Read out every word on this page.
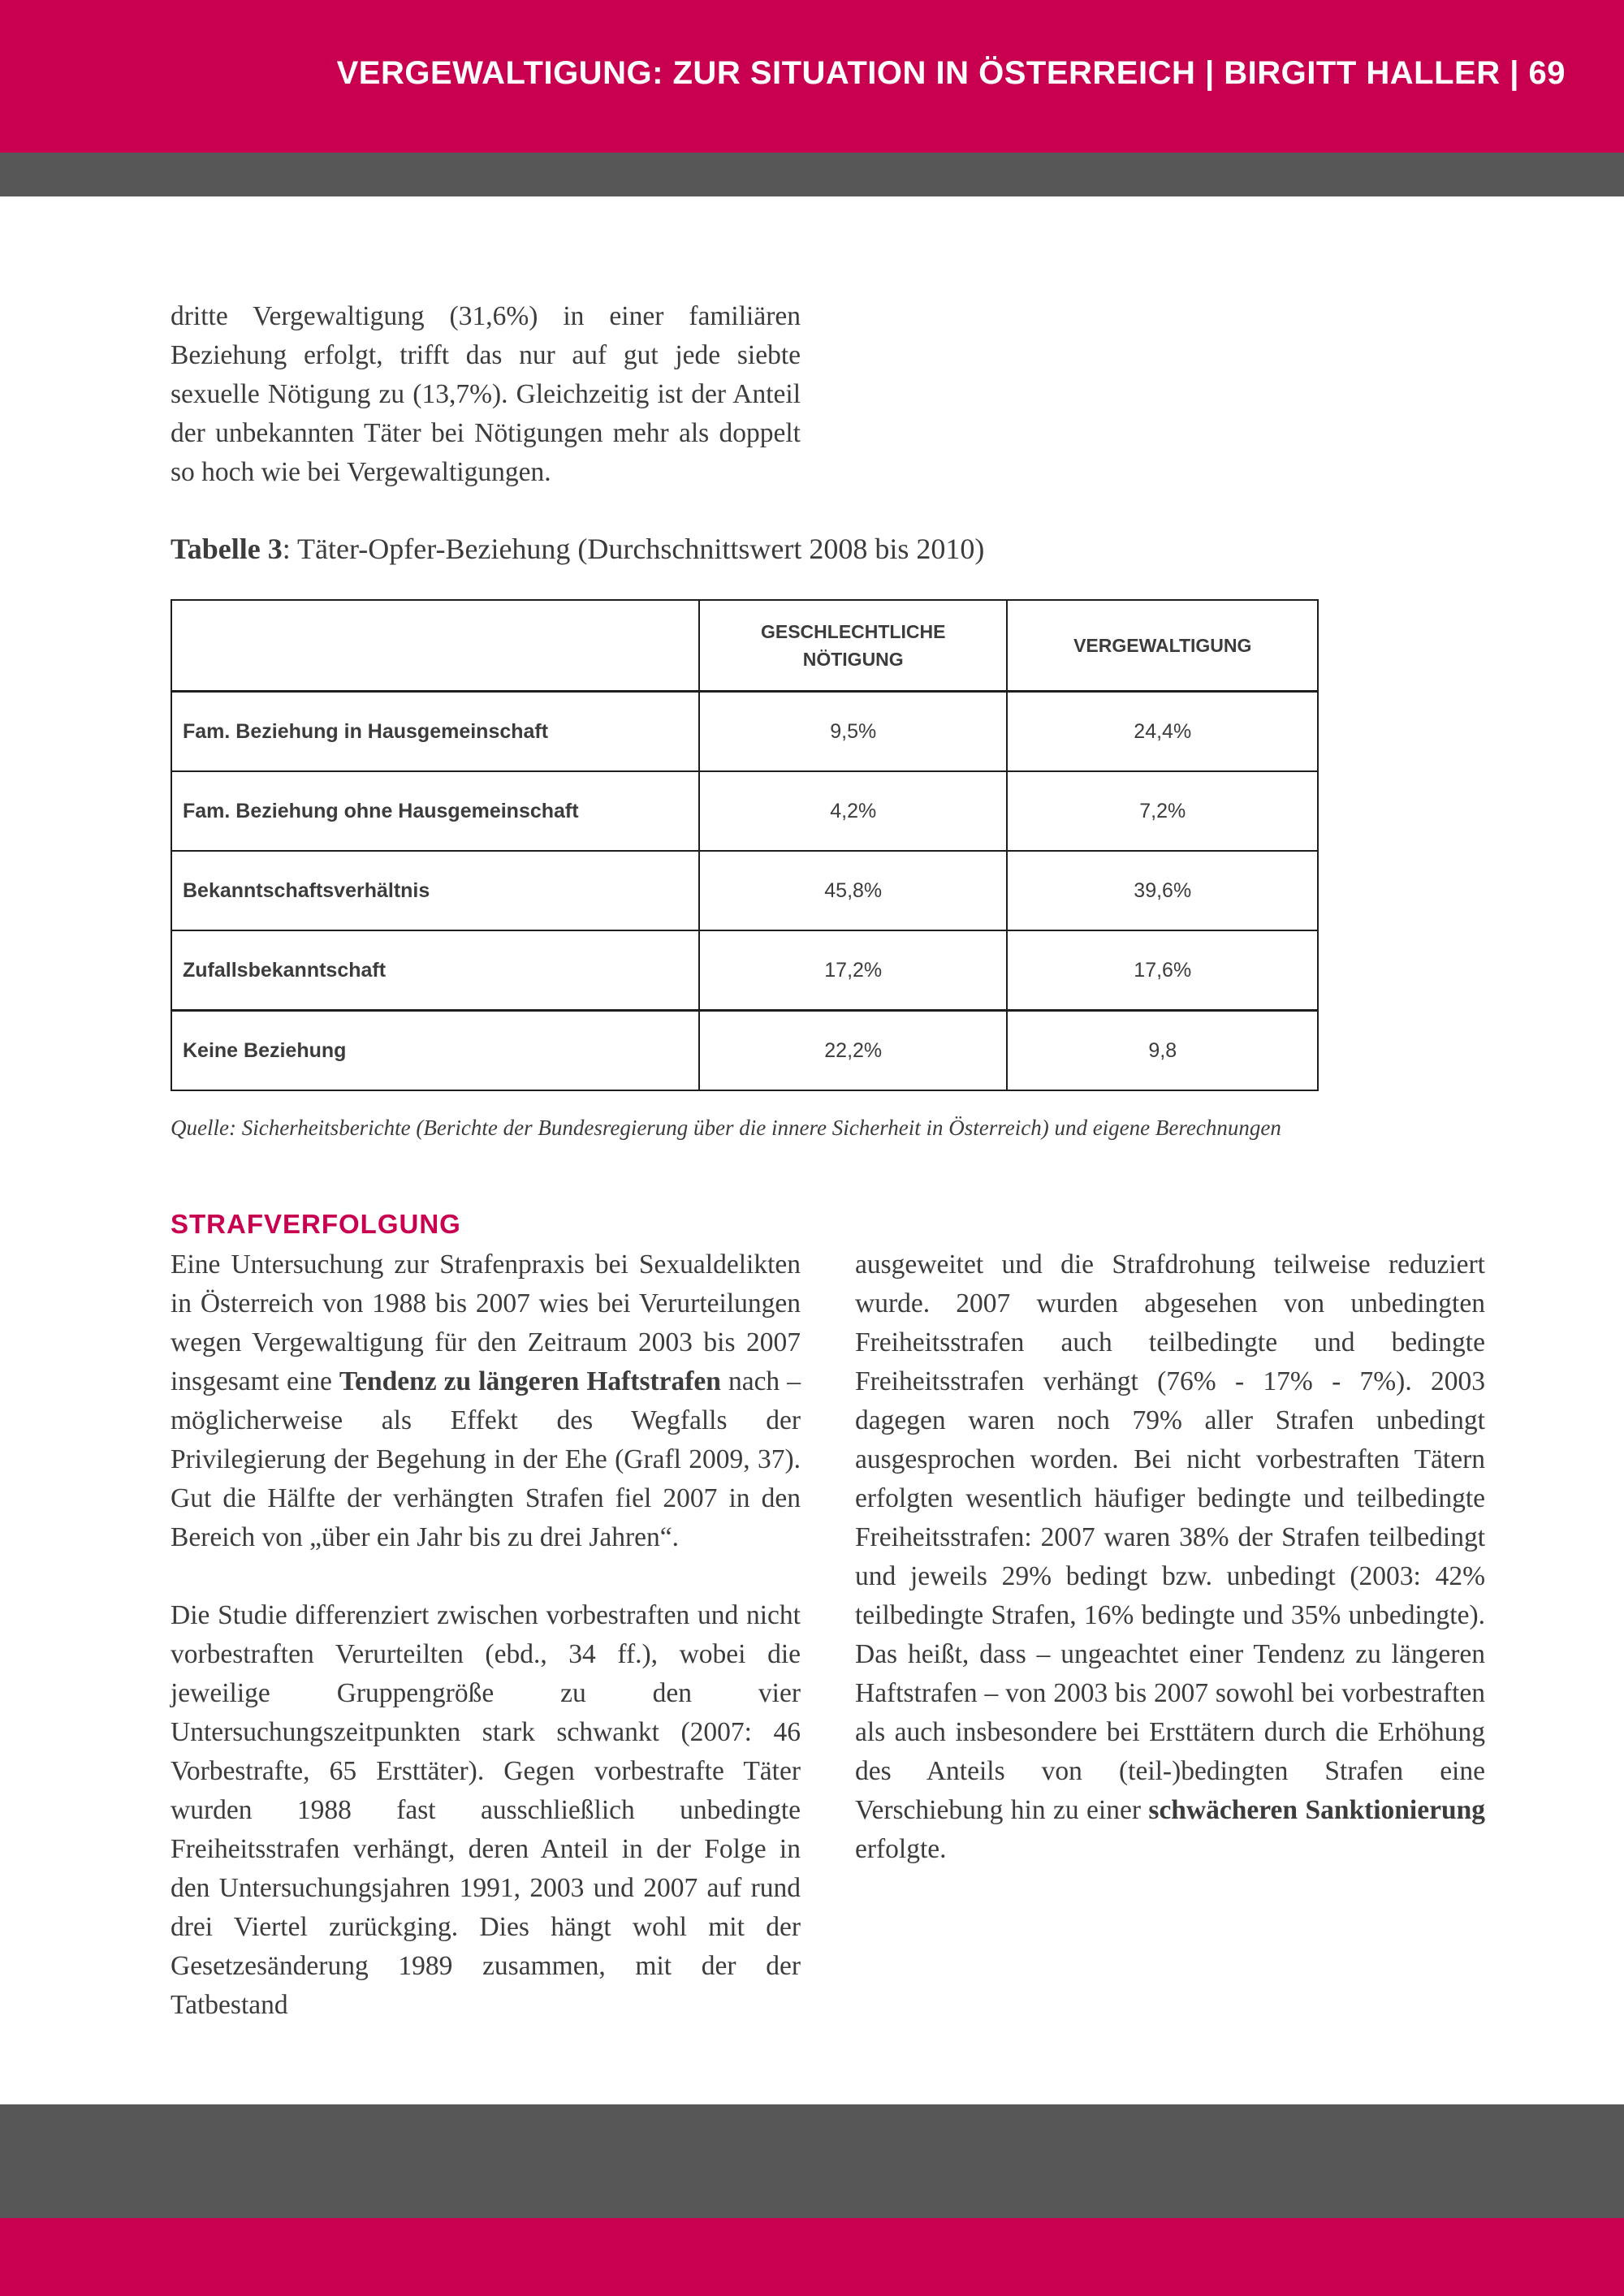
VERGEWALTIGUNG: ZUR SITUATION IN ÖSTERREICH | BIRGITT HALLER | 69

dritte Vergewaltigung (31,6%) in einer familiären Beziehung erfolgt, trifft das nur auf gut jede siebte sexuelle Nötigung zu (13,7%). Gleichzeitig ist der Anteil der unbekannten Täter bei Nötigungen mehr als doppelt so hoch wie bei Vergewaltigungen.

Tabelle 3: Täter-Opfer-Beziehung (Durchschnittswert 2008 bis 2010)

	GESCHLECHTLICHE NÖTIGUNG	VERGEWALTIGUNG
Fam. Beziehung in Hausgemeinschaft	9,5%	24,4%
Fam. Beziehung ohne Hausgemeinschaft	4,2%	7,2%
Bekanntschaftsverhältnis	45,8%	39,6%
Zufallsbekanntschaft	17,2%	17,6%
Keine Beziehung	22,2%	9,8

Quelle: Sicherheitsberichte (Berichte der Bundesregierung über die innere Sicherheit in Österreich) und eigene Berechnungen

STRAFVERFOLGUNG

Eine Untersuchung zur Strafenpraxis bei Sexualdelikten in Österreich von 1988 bis 2007 wies bei Verurteilungen wegen Vergewaltigung für den Zeitraum 2003 bis 2007 insgesamt eine Tendenz zu längeren Haftstrafen nach – möglicherweise als Effekt des Wegfalls der Privilegierung der Begehung in der Ehe (Grafl 2009, 37). Gut die Hälfte der verhängten Strafen fiel 2007 in den Bereich von „über ein Jahr bis zu drei Jahren“.

Die Studie differenziert zwischen vorbestraften und nicht vorbestraften Verurteilten (ebd., 34 ff.), wobei die jeweilige Gruppengröße zu den vier Untersuchungszeitpunkten stark schwankt (2007: 46 Vorbestrafte, 65 Ersttäter). Gegen vorbestrafte Täter wurden 1988 fast ausschließlich unbedingte Freiheitsstrafen verhängt, deren Anteil in der Folge in den Untersuchungsjahren 1991, 2003 und 2007 auf rund drei Viertel zurückging. Dies hängt wohl mit der Gesetzesänderung 1989 zusammen, mit der der Tatbestand

ausgeweitet und die Strafdrohung teilweise reduziert wurde. 2007 wurden abgesehen von unbedingten Freiheitsstrafen auch teilbedingte und bedingte Freiheitsstrafen verhängt (76% - 17% - 7%). 2003 dagegen waren noch 79% aller Strafen unbedingt ausgesprochen worden. Bei nicht vorbestraften Tätern erfolgten wesentlich häufiger bedingte und teilbedingte Freiheitsstrafen: 2007 waren 38% der Strafen teilbedingt und jeweils 29% bedingt bzw. unbedingt (2003: 42% teilbedingte Strafen, 16% bedingte und 35% unbedingte). Das heißt, dass – ungeachtet einer Tendenz zu längeren Haftstrafen – von 2003 bis 2007 sowohl bei vorbestraften als auch insbesondere bei Ersttätern durch die Erhöhung des Anteils von (teil-)bedingten Strafen eine Verschiebung hin zu einer schwächeren Sanktionierung erfolgte.
